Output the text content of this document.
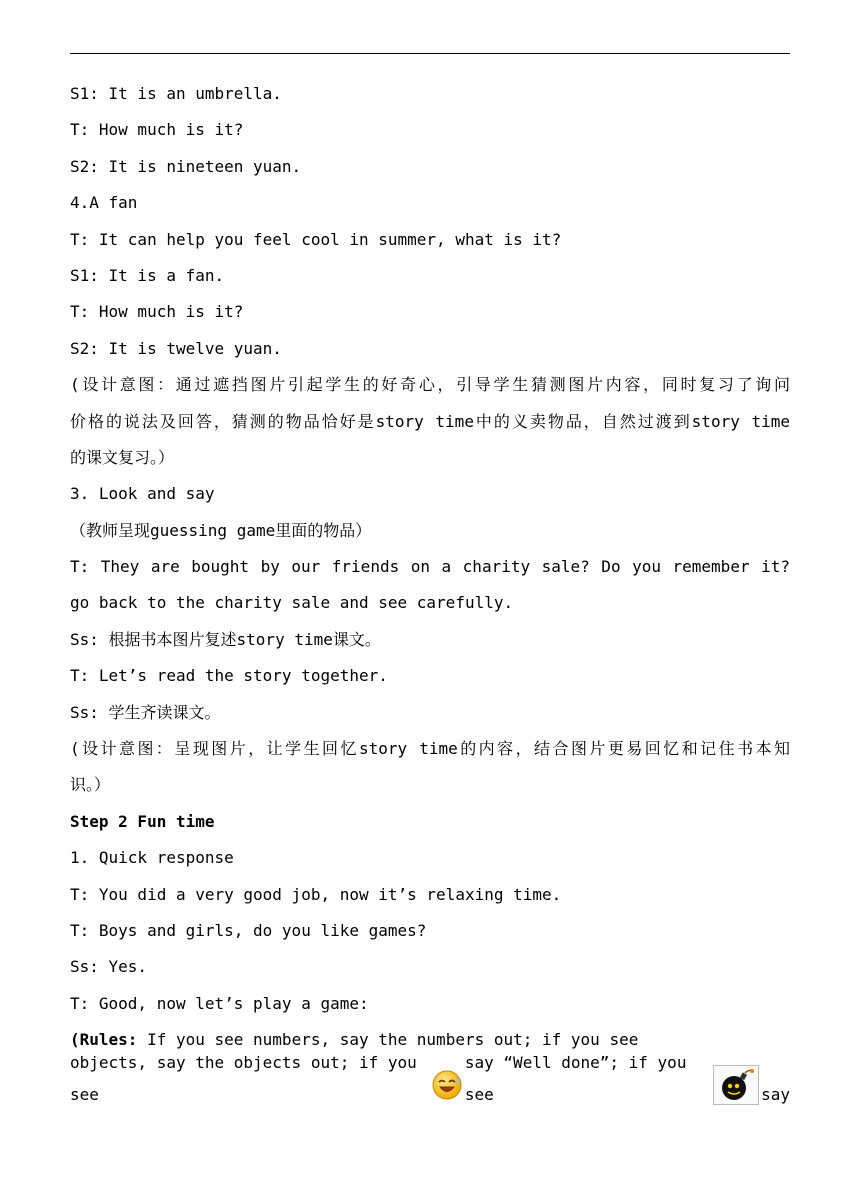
S1: It is an umbrella.
T: How much is it?
S2: It is nineteen yuan.
4.A fan
T: It can help you feel cool in summer, what is it?
S1: It is a fan.
T: How much is it?
S2: It is twelve yuan.
(设计意图：通过遮挡图片引起学生的好奇心，引导学生猜测图片内容，同时复习了询问
价格的说法及回答，猜测的物品恰好是story time中的义卖物品，自然过渡到story time
的课文复习。）
3. Look and say
（教师呈现guessing game里面的物品）
T: They are bought by our friends on a charity sale? Do you remember it?
go back to the charity sale and see carefully.
Ss: 根据书本图片复述story time课文。
T: Let’s read the story together.
Ss: 学生齐读课文。
(设计意图：呈现图片，让学生回忆story time的内容，结合图片更易回忆和记住书本知
识。）
Step 2 Fun time
1. Quick response
T: You did a very good job, now it’s relaxing time.
T: Boys and girls, do you like games?
Ss: Yes.
T: Good, now let’s play a game:
(Rules: If you see numbers, say the numbers out; if you see
objects, say the objects out; if you see
say “Well done”; if you see	say
